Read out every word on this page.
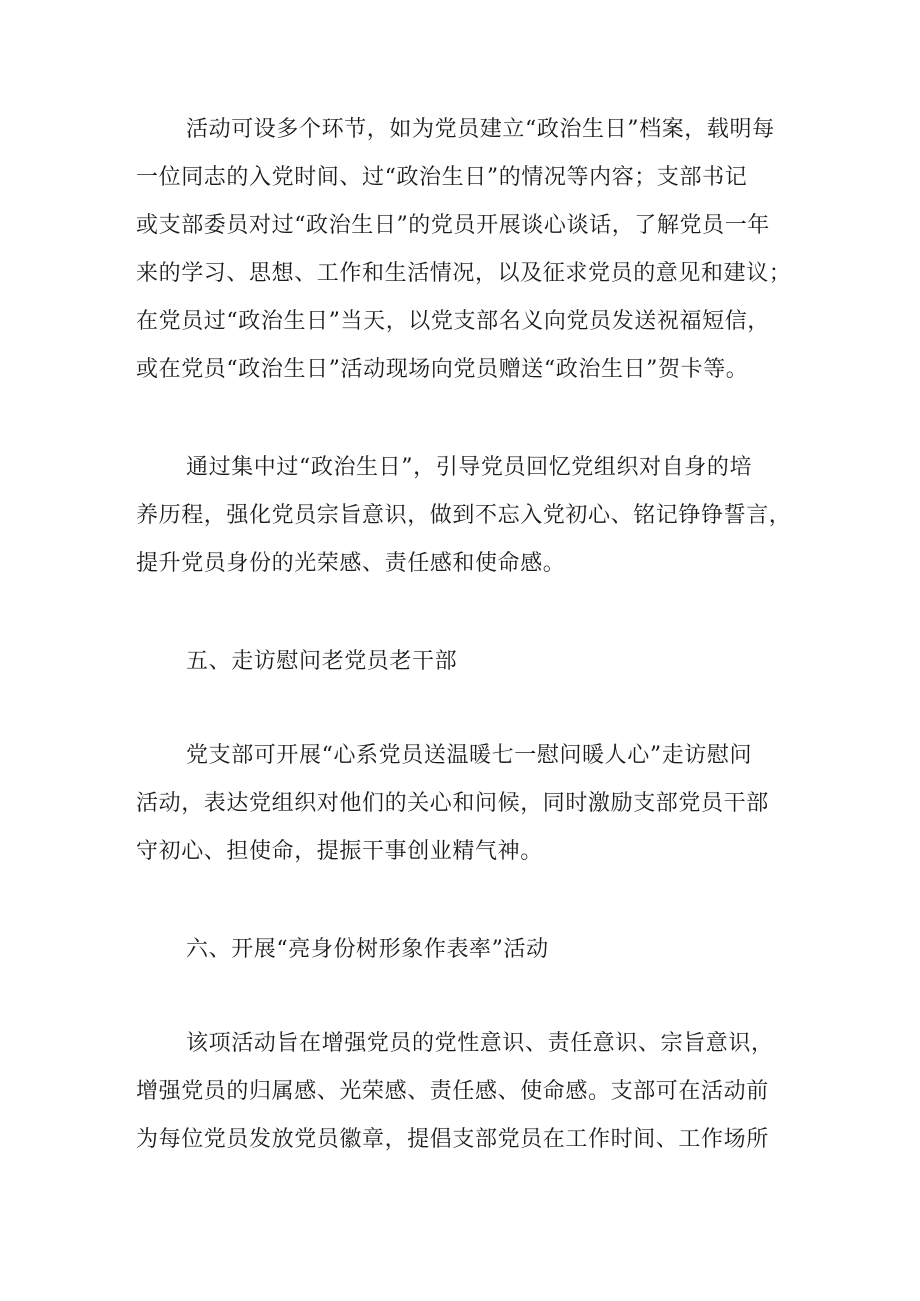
活动可设多个环节，如为党员建立“政治生日”档案，载明每
一位同志的入党时间、过“政治生日”的情况等内容；支部书记
或支部委员对过“政治生日”的党员开展谈心谈话，了解党员一年
来的学习、思想、工作和生活情况，以及征求党员的意见和建议；
在党员过“政治生日”当天，以党支部名义向党员发送祝福短信，
或在党员“政治生日”活动现场向党员赠送“政治生日”贺卡等。
通过集中过“政治生日”，引导党员回忆党组织对自身的培
养历程，强化党员宗旨意识，做到不忘入党初心、铭记铮铮誓言，
提升党员身份的光荣感、责任感和使命感。
五、走访慰问老党员老干部
党支部可开展“心系党员送温暖七一慰问暖人心”走访慰问
活动，表达党组织对他们的关心和问候，同时激励支部党员干部
守初心、担使命，提振干事创业精气神。
六、开展“亮身份树形象作表率”活动
该项活动旨在增强党员的党性意识、责任意识、宗旨意识，
增强党员的归属感、光荣感、责任感、使命感。支部可在活动前
为每位党员发放党员徽章，提倡支部党员在工作时间、工作场所
